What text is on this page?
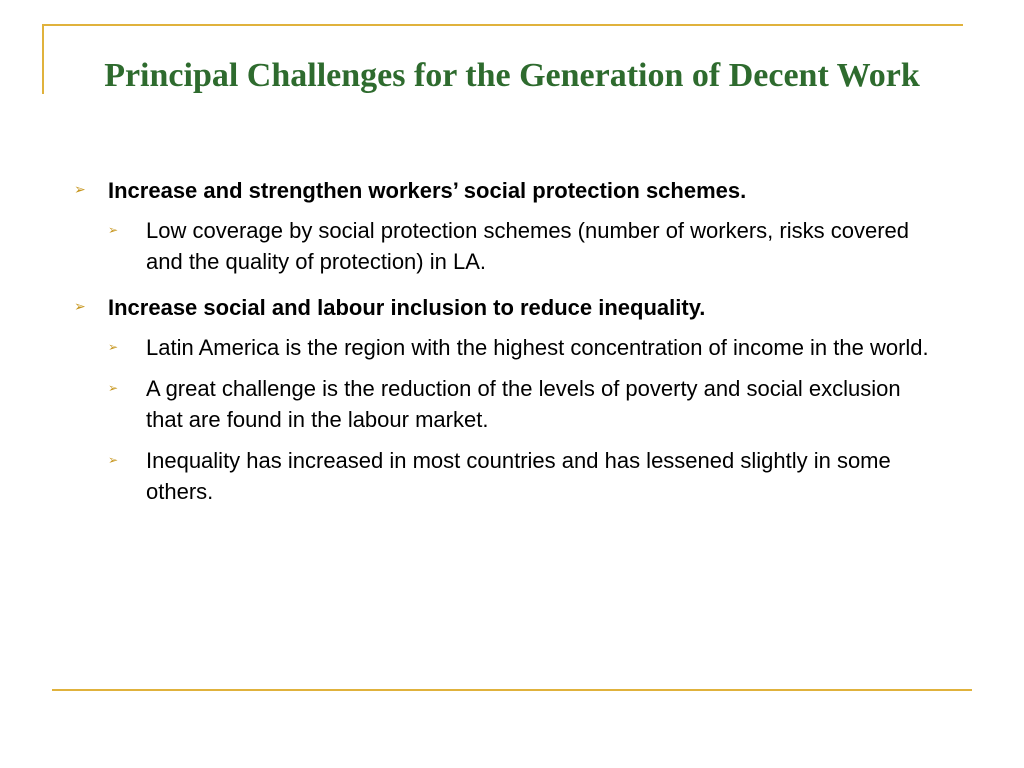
Principal Challenges for the Generation of Decent Work
➢ Increase and strengthen workers’ social protection schemes.
➢ Low coverage by social protection schemes (number of workers, risks covered and the quality of protection) in LA.
➢ Increase social and labour inclusion to reduce inequality.
➢ Latin America is the region with the highest concentration of income in the world.
➢ A great challenge is the reduction of the levels of poverty and social exclusion that are found in the labour market.
➢ Inequality has increased in most countries and has lessened slightly in some others.
